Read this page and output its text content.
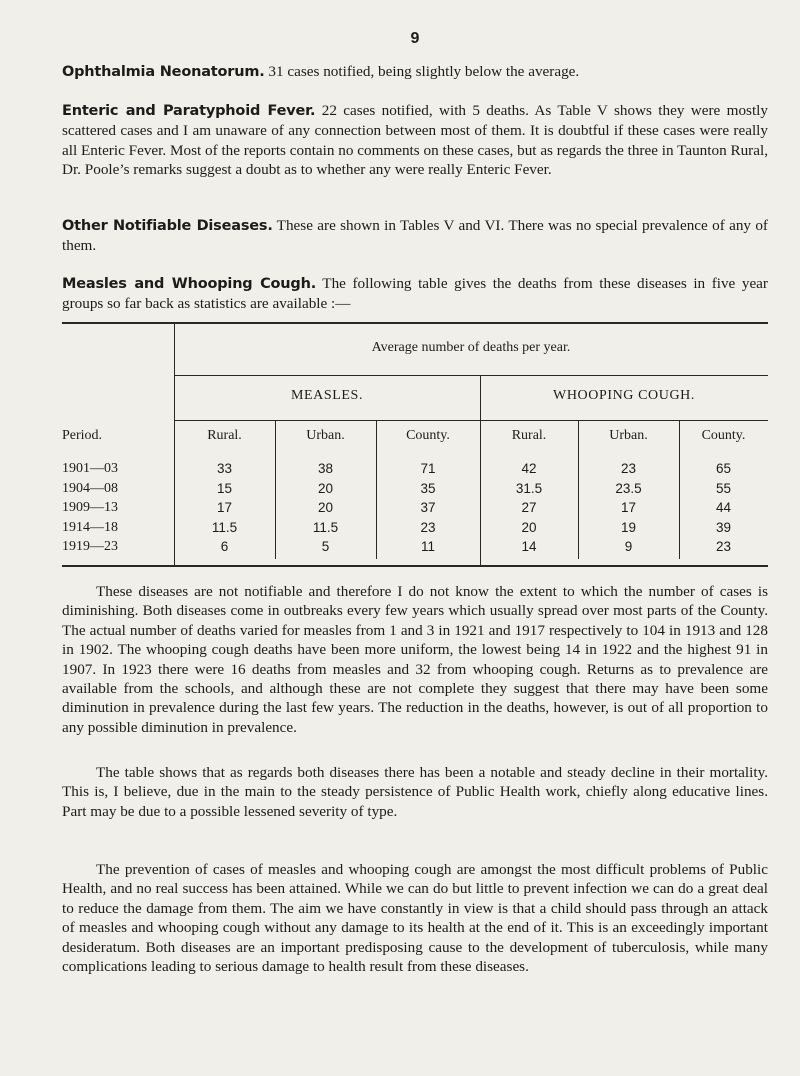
9

Ophthalmia Neonatorum. 31 cases notified, being slightly below the average.

Enteric and Paratyphoid Fever. 22 cases notified, with 5 deaths. As Table V shows they were mostly scattered cases and I am unaware of any connection between most of them. It is doubtful if these cases were really all Enteric Fever. Most of the reports contain no comments on these cases, but as regards the three in Taunton Rural, Dr. Poole’s remarks suggest a doubt as to whether any were really Enteric Fever.

Other Notifiable Diseases. These are shown in Tables V and VI. There was no special prevalence of any of them.

Measles and Whooping Cough. The following table gives the deaths from these diseases in five year groups so far back as statistics are available :—

Average number of deaths per year.
MEASLES.	WHOOPING COUGH.
Period.	Rural.	Urban.	County.	Rural.	Urban.	County.
1901—03	33	38	71	42	23	65
1904—08	15	20	35	31.5	23.5	55
1909—13	17	20	37	27	17	44
1914—18	11.5	11.5	23	20	19	39
1919—23	6	5	11	14	9	23

These diseases are not notifiable and therefore I do not know the extent to which the number of cases is diminishing. Both diseases come in outbreaks every few years which usually spread over most parts of the County. The actual number of deaths varied for measles from 1 and 3 in 1921 and 1917 respectively to 104 in 1913 and 128 in 1902. The whooping cough deaths have been more uniform, the lowest being 14 in 1922 and the highest 91 in 1907. In 1923 there were 16 deaths from measles and 32 from whooping cough. Returns as to prevalence are available from the schools, and although these are not complete they suggest that there may have been some diminution in prevalence during the last few years. The reduction in the deaths, however, is out of all proportion to any possible diminution in prevalence.

The table shows that as regards both diseases there has been a notable and steady decline in their mortality. This is, I believe, due in the main to the steady persistence of Public Health work, chiefly along educative lines. Part may be due to a possible lessened severity of type.

The prevention of cases of measles and whooping cough are amongst the most difficult problems of Public Health, and no real success has been attained. While we can do but little to prevent infection we can do a great deal to reduce the damage from them. The aim we have constantly in view is that a child should pass through an attack of measles and whooping cough without any damage to its health at the end of it. This is an exceedingly important desideratum. Both diseases are an important predisposing cause to the development of tuberculosis, while many complications leading to serious damage to health result from these diseases.
